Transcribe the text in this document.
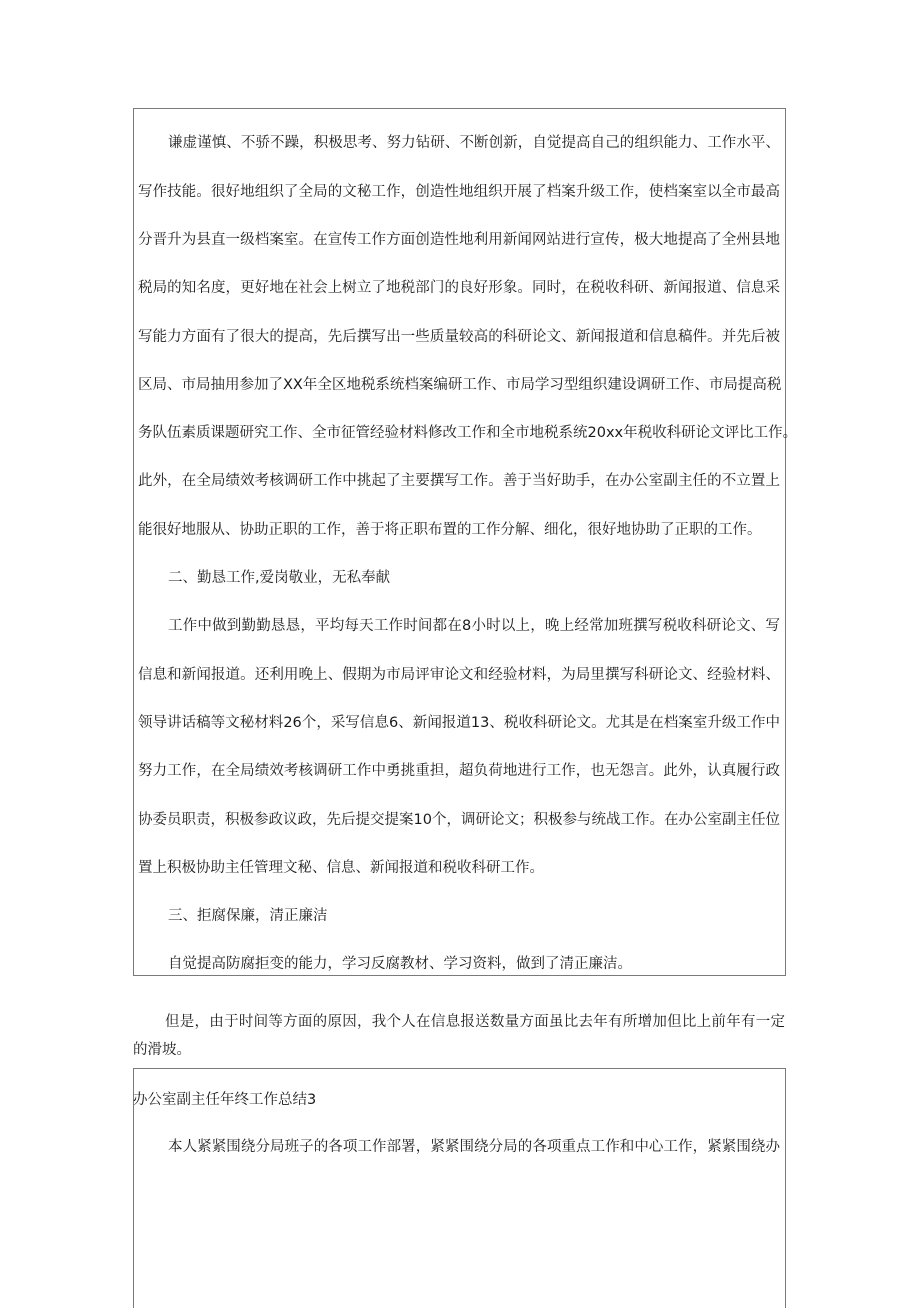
谦虚谨慎、不骄不躁，积极思考、努力钻研、不断创新，自觉提高自己的组织能力、工作水平、
写作技能。很好地组织了全局的文秘工作，创造性地组织开展了档案升级工作，使档案室以全市最高
分晋升为县直一级档案室。在宣传工作方面创造性地利用新闻网站进行宣传，极大地提高了全州县地
税局的知名度，更好地在社会上树立了地税部门的良好形象。同时，在税收科研、新闻报道、信息采
写能力方面有了很大的提高，先后撰写出一些质量较高的科研论文、新闻报道和信息稿件。并先后被
区局、市局抽用参加了XX年全区地税系统档案编研工作、市局学习型组织建设调研工作、市局提高税
务队伍素质课题研究工作、全市征管经验材料修改工作和全市地税系统20xx年税收科研论文评比工作。
此外，在全局绩效考核调研工作中挑起了主要撰写工作。善于当好助手，在办公室副主任的不立置上
能很好地服从、协助正职的工作，善于将正职布置的工作分解、细化，很好地协助了正职的工作。
二、勤恳工作,爱岗敬业，无私奉献
工作中做到勤勤恳恳，平均每天工作时间都在8小时以上，晚上经常加班撰写税收科研论文、写
信息和新闻报道。还利用晚上、假期为市局评审论文和经验材料，为局里撰写科研论文、经验材料、
领导讲话稿等文秘材料26个，采写信息6、新闻报道13、税收科研论文。尤其是在档案室升级工作中
努力工作，在全局绩效考核调研工作中勇挑重担，超负荷地进行工作，也无怨言。此外，认真履行政
协委员职责，积极参政议政，先后提交提案10个，调研论文；积极参与统战工作。在办公室副主任位
置上积极协助主任管理文秘、信息、新闻报道和税收科研工作。
三、拒腐保廉，清正廉洁
自觉提高防腐拒变的能力，学习反腐教材、学习资料，做到了清正廉洁。
但是，由于时间等方面的原因，我个人在信息报送数量方面虽比去年有所增加但比上前年有一定
的滑坡。
办公室副主任年终工作总结3
本人紧紧围绕分局班子的各项工作部署，紧紧围绕分局的各项重点工作和中心工作，紧紧围绕办
